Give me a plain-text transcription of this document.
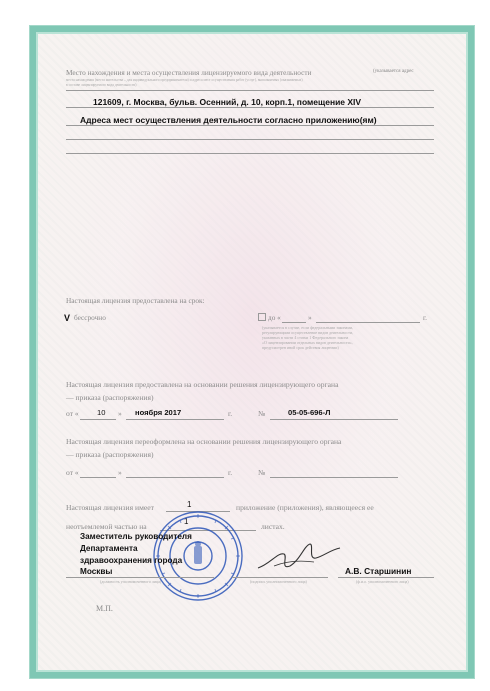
Место нахождения и места осуществления лицензируемого вида деятельности	(указывается адрес
места нахождения (места жительства – для индивидуального предпринимателя) и адреса мест осуществления работ (услуг), выполняемых (оказываемых)
в составе лицензируемого вида деятельности)
121609, г. Москва, бульв. Осенний, д. 10, корп.1, помещение XIV
Адреса мест осуществления деятельности согласно приложению(ям)
Настоящая лицензия предоставлена на срок:
V бессрочно	до «	»	г.
(указывается в случае, если федеральными законами,
регулирующими осуществление видов деятельности,
указанных в части 4 статьи 1 Федерального закона
«О лицензировании отдельных видов деятельности»,
предусмотрен иной срок действия лицензии)
Настоящая лицензия предоставлена на основании решения лицензирующего органа
— приказа (распоряжения)
от « 10 » ноября 2017	г.	№	05-05-696-Л
Настоящая лицензия переоформлена на основании решения лицензирующего органа
— приказа (распоряжения)
от «	»	г.	№
Настоящая лицензия имеет	1	приложение (приложения), являющееся ее
неотъемлемой частью на
1
листах.
Заместитель руководителя
Департамента
здравоохранения города
Москвы
(должность уполномоченного лица)	(подпись уполномоченного лица)
А.В. Старшинин
(ф.и.о. уполномоченного лица)
М.П.
